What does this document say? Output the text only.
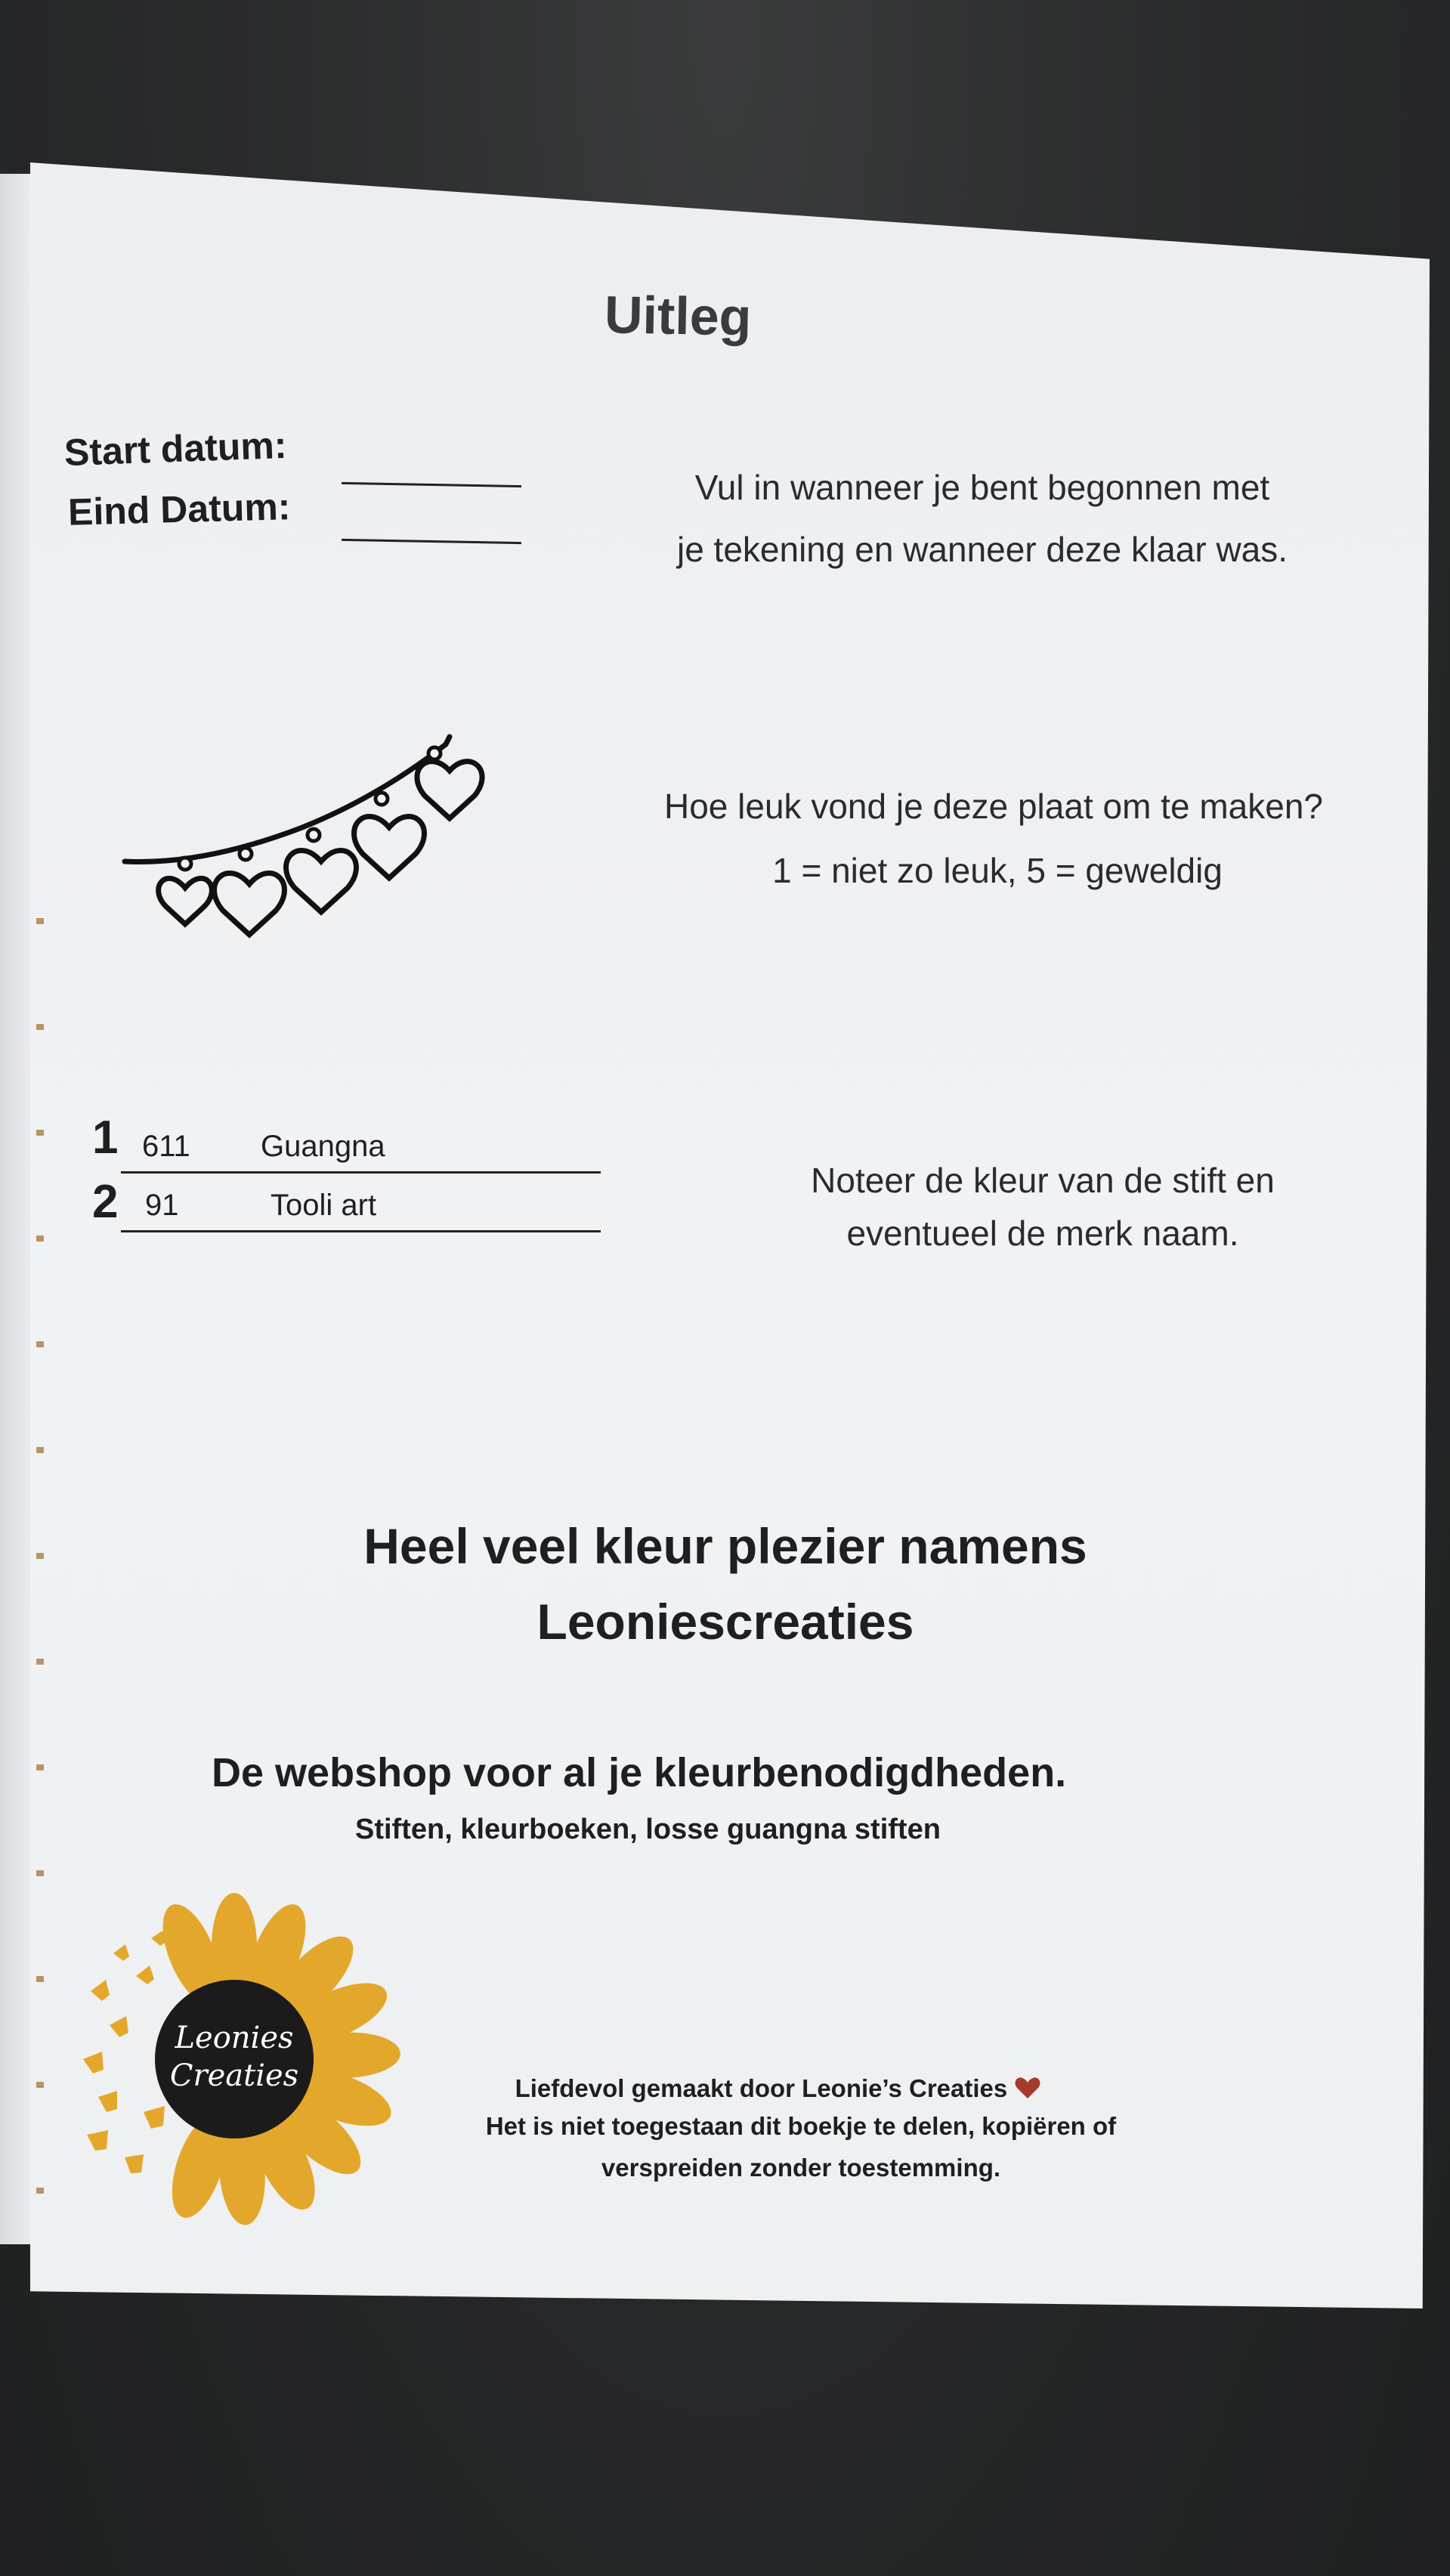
Uitleg
Start datum:
Eind Datum:	Vul in wanneer je bent begonnen met
je tekening en wanneer deze klaar was.
Hoe leuk vond je deze plaat om te maken?
1 = niet zo leuk, 5 = geweldig
1 611 Guangna
2 91	Tooli art
Noteer de kleur van de stift en
eventueel de merk naam.
Heel veel kleur plezier namens
Leoniescreaties
De webshop voor al je kleurbenodigdheden.
Stiften, kleurboeken, losse guangna stiften
Leonies
Creaties	Liefdevol gemaakt door Leonie’s Creaties
Het is niet toegestaan dit boekje te delen, kopiëren of
verspreiden zonder toestemming.
